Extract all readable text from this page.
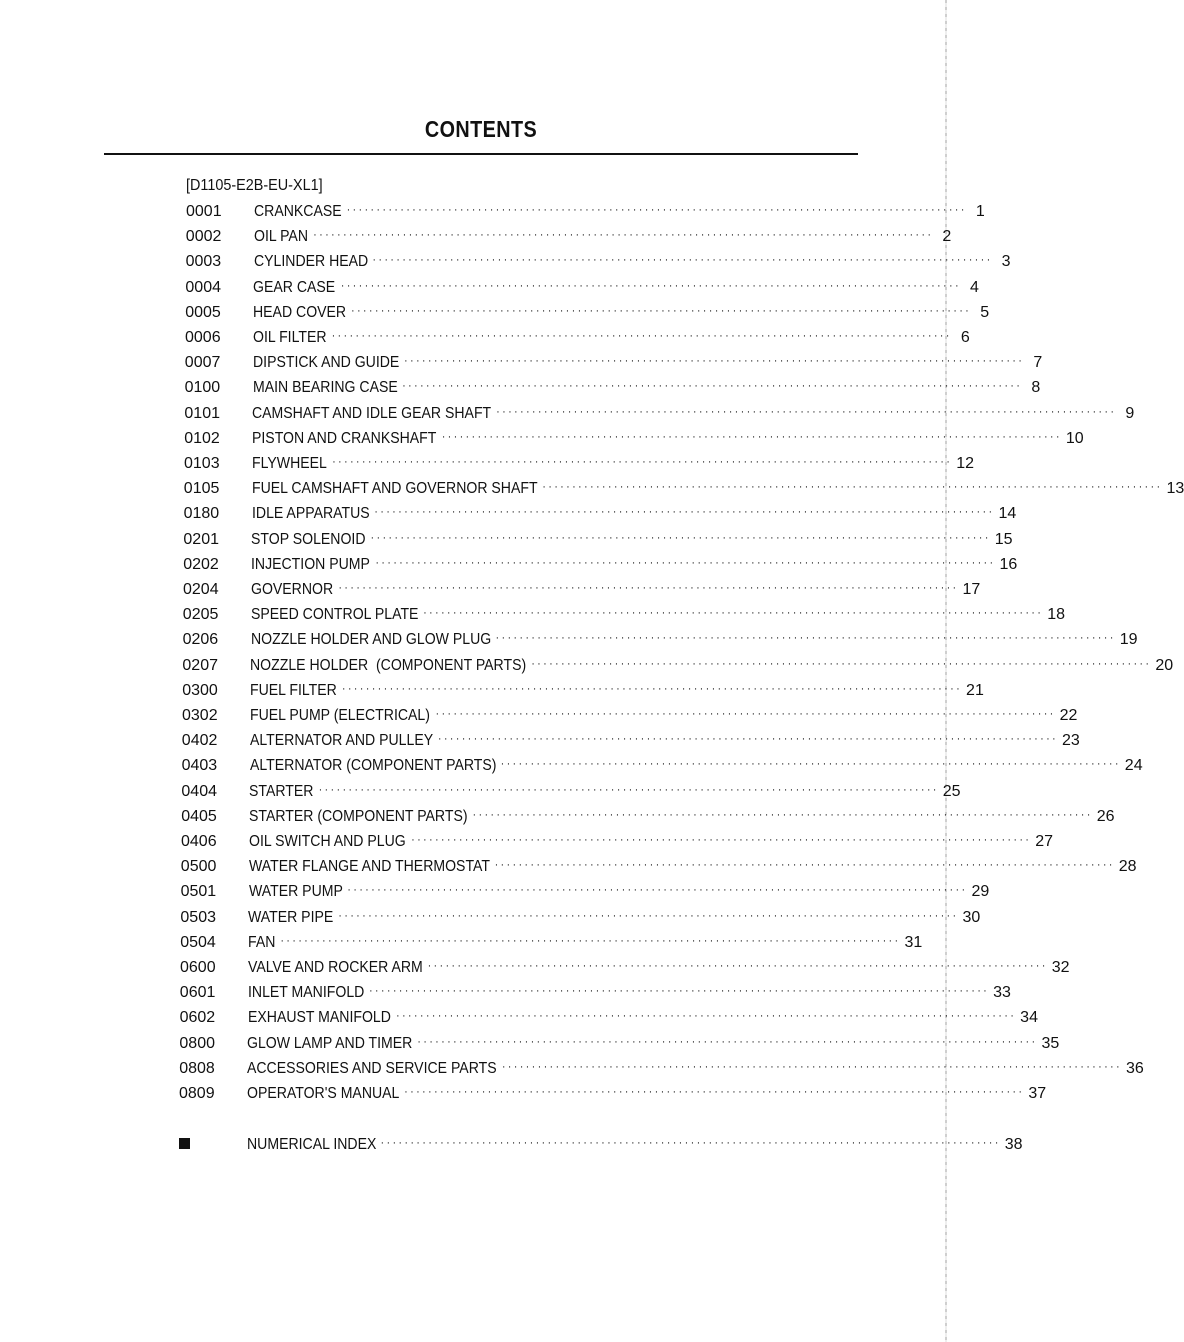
CONTENTS
[D1105-E2B-EU-XL1]
0001	CRANKCASE ········································································································ 1
0002	OIL PAN ········································································································ 2
0003	CYLINDER HEAD ········································································································ 3
0004	GEAR CASE ········································································································ 4
0005	HEAD COVER ········································································································ 5
0006	OIL FILTER ········································································································ 6
0007	DIPSTICK AND GUIDE ········································································································ 7
0100	MAIN BEARING CASE ········································································································ 8
0101	CAMSHAFT AND IDLE GEAR SHAFT ········································································································ 9
0102	PISTON AND CRANKSHAFT ········································································································ 10
0103	FLYWHEEL ········································································································ 12
0105	FUEL CAMSHAFT AND GOVERNOR SHAFT ········································································································ 13
0180	IDLE APPARATUS ········································································································ 14
0201	STOP SOLENOID ········································································································ 15
0202	INJECTION PUMP ········································································································ 16
0204	GOVERNOR ········································································································ 17
0205	SPEED CONTROL PLATE ········································································································ 18
0206	NOZZLE HOLDER AND GLOW PLUG ········································································································ 19
0207	NOZZLE HOLDER  (COMPONENT PARTS) ········································································································ 20
0300	FUEL FILTER ········································································································ 21
0302	FUEL PUMP (ELECTRICAL) ········································································································ 22
0402	ALTERNATOR AND PULLEY ········································································································ 23
0403	ALTERNATOR (COMPONENT PARTS) ········································································································ 24
0404	STARTER ········································································································ 25
0405	STARTER (COMPONENT PARTS) ········································································································ 26
0406	OIL SWITCH AND PLUG ········································································································ 27
0500	WATER FLANGE AND THERMOSTAT ········································································································ 28
0501	WATER PUMP ········································································································ 29
0503	WATER PIPE ········································································································ 30
0504	FAN ········································································································ 31
0600	VALVE AND ROCKER ARM ········································································································ 32
0601	INLET MANIFOLD ········································································································ 33
0602	EXHAUST MANIFOLD ········································································································ 34
0800	GLOW LAMP AND TIMER ········································································································ 35
0808	ACCESSORIES AND SERVICE PARTS ········································································································ 36
0809	OPERATOR'S MANUAL ········································································································ 37
NUMERICAL INDEX ········································································································ 38
